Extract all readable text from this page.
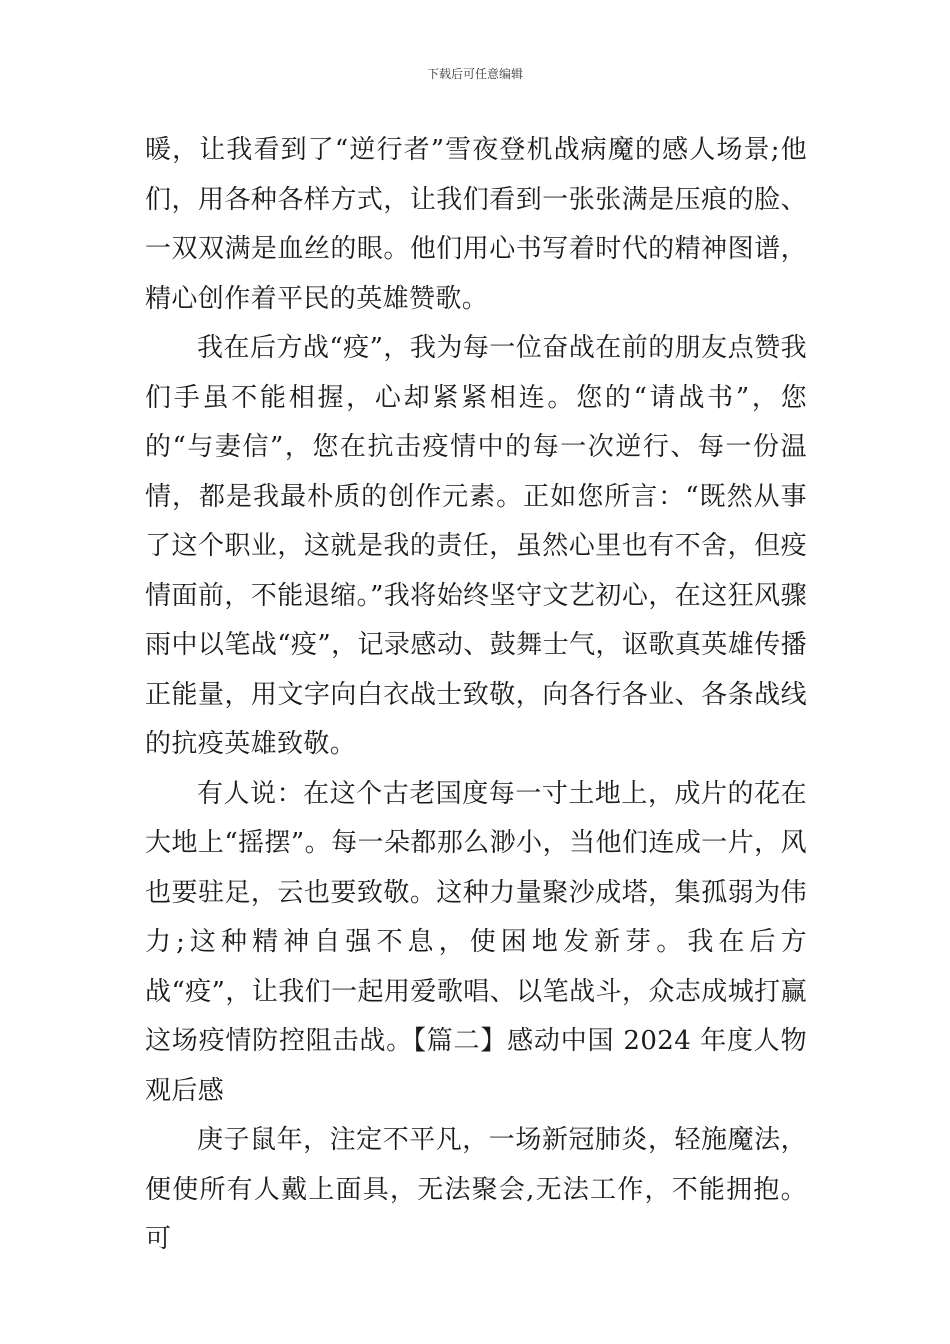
下载后可任意编辑

暖，让我看到了“逆行者”雪夜登机战病魔的感人场景;他们，用各种各样方式，让我们看到一张张满是压痕的脸、一双双满是血丝的眼。他们用心书写着时代的精神图谱，精心创作着平民的英雄赞歌。

我在后方战“疫”，我为每一位奋战在前的朋友点赞我们手虽不能相握，心却紧紧相连。您的“请战书”，您的“与妻信”，您在抗击疫情中的每一次逆行、每一份温情，都是我最朴质的创作元素。正如您所言：“既然从事了这个职业，这就是我的责任，虽然心里也有不舍，但疫情面前，不能退缩。”我将始终坚守文艺初心，在这狂风骤雨中以笔战“疫”，记录感动、鼓舞士气，讴歌真英雄传播正能量，用文字向白衣战士致敬，向各行各业、各条战线的抗疫英雄致敬。

有人说：在这个古老国度每一寸土地上，成片的花在大地上“摇摆”。每一朵都那么渺小，当他们连成一片，风也要驻足，云也要致敬。这种力量聚沙成塔，集孤弱为伟力;这种精神自强不息，使困地发新芽。我在后方战“疫”，让我们一起用爱歌唱、以笔战斗，众志成城打赢这场疫情防控阻击战。【篇二】感动中国 2024 年度人物观后感

庚子鼠年，注定不平凡，一场新冠肺炎，轻施魔法，便使所有人戴上面具，无法聚会,无法工作，不能拥抱。可
